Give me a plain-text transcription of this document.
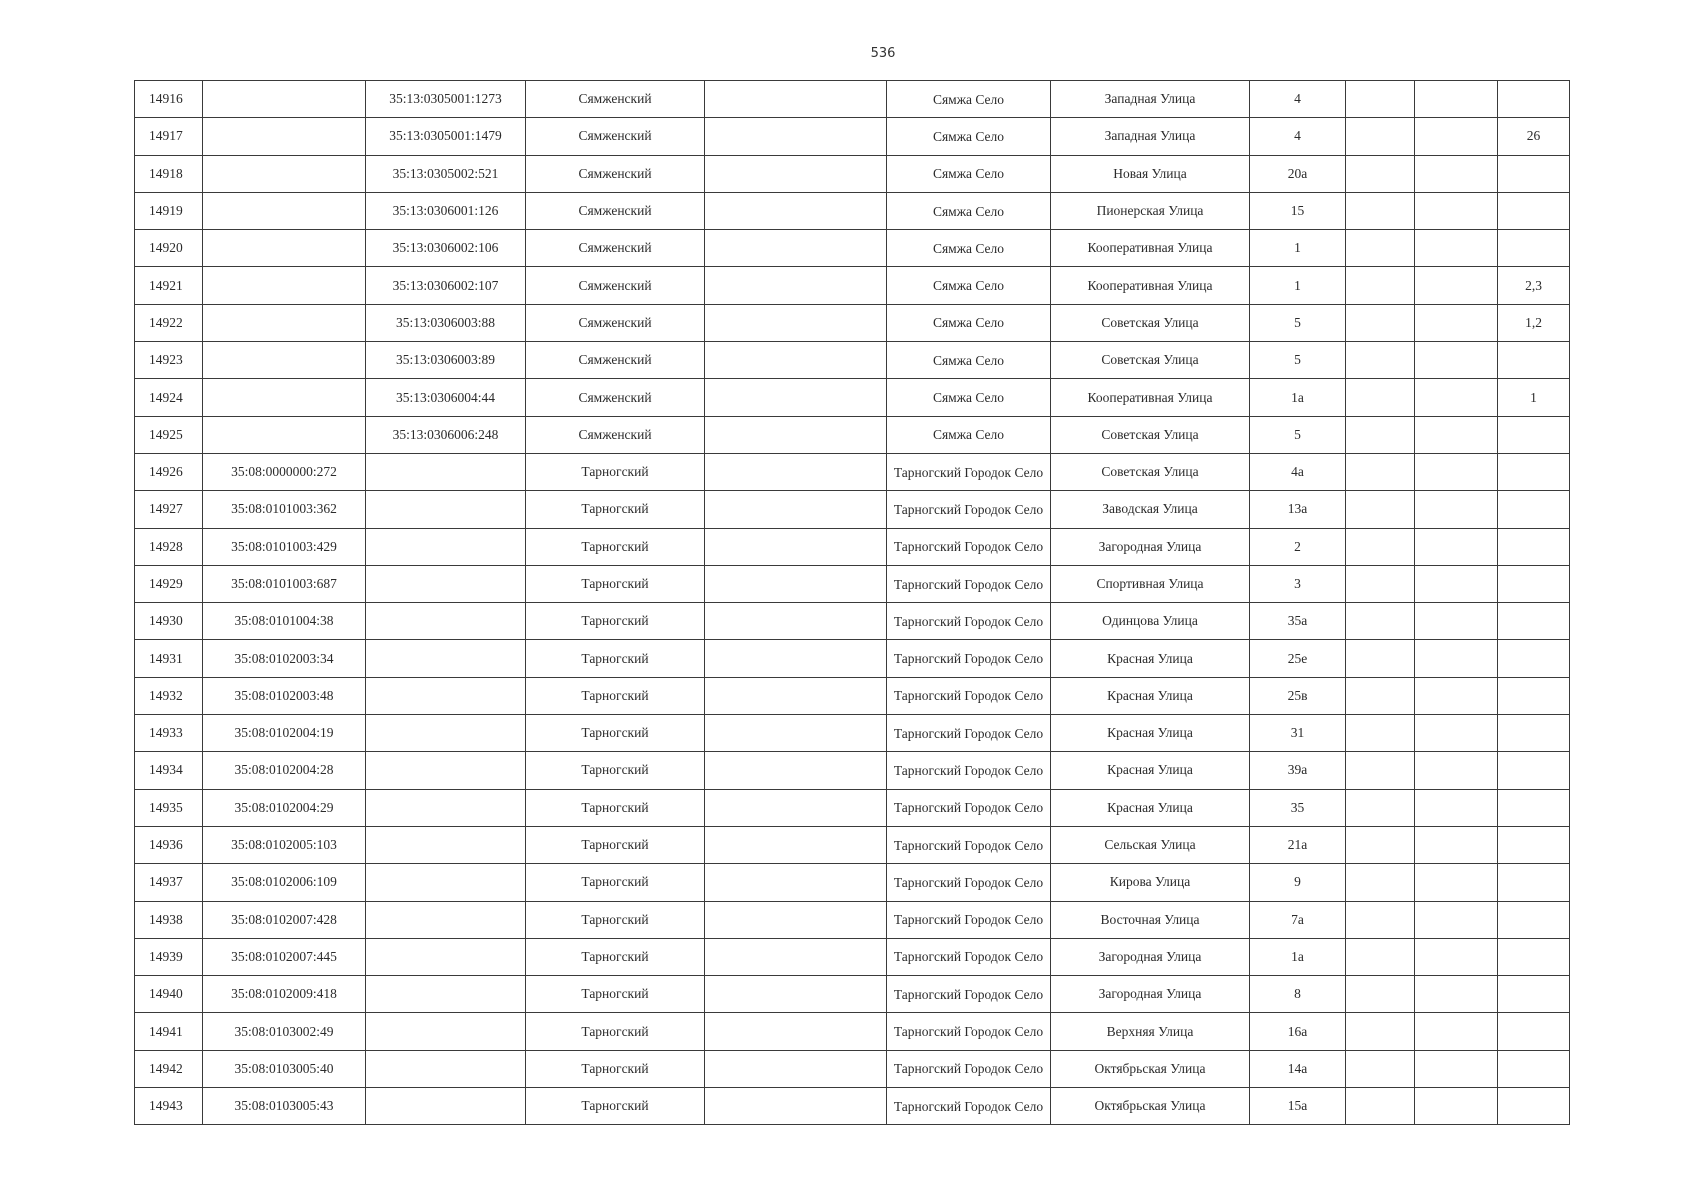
536
14916		35:13:0305001:1273	Сямженский		Сямжа Село	Западная Улица	4			
14917		35:13:0305001:1479	Сямженский		Сямжа Село	Западная Улица	4			26
14918		35:13:0305002:521	Сямженский		Сямжа Село	Новая Улица	20а			
14919		35:13:0306001:126	Сямженский		Сямжа Село	Пионерская Улица	15			
14920		35:13:0306002:106	Сямженский		Сямжа Село	Кооперативная Улица	1			
14921		35:13:0306002:107	Сямженский		Сямжа Село	Кооперативная Улица	1			2,3
14922		35:13:0306003:88	Сямженский		Сямжа Село	Советская Улица	5			1,2
14923		35:13:0306003:89	Сямженский		Сямжа Село	Советская Улица	5			
14924		35:13:0306004:44	Сямженский		Сямжа Село	Кооперативная Улица	1а			1
14925		35:13:0306006:248	Сямженский		Сямжа Село	Советская Улица	5			
14926	35:08:0000000:272		Тарногский		Тарногский Городок Село	Советская Улица	4а			
14927	35:08:0101003:362		Тарногский		Тарногский Городок Село	Заводская Улица	13а			
14928	35:08:0101003:429		Тарногский		Тарногский Городок Село	Загородная Улица	2			
14929	35:08:0101003:687		Тарногский		Тарногский Городок Село	Спортивная Улица	3			
14930	35:08:0101004:38		Тарногский		Тарногский Городок Село	Одинцова Улица	35а			
14931	35:08:0102003:34		Тарногский		Тарногский Городок Село	Красная Улица	25е			
14932	35:08:0102003:48		Тарногский		Тарногский Городок Село	Красная Улица	25в			
14933	35:08:0102004:19		Тарногский		Тарногский Городок Село	Красная Улица	31			
14934	35:08:0102004:28		Тарногский		Тарногский Городок Село	Красная Улица	39а			
14935	35:08:0102004:29		Тарногский		Тарногский Городок Село	Красная Улица	35			
14936	35:08:0102005:103		Тарногский		Тарногский Городок Село	Сельская Улица	21а			
14937	35:08:0102006:109		Тарногский		Тарногский Городок Село	Кирова Улица	9			
14938	35:08:0102007:428		Тарногский		Тарногский Городок Село	Восточная Улица	7а			
14939	35:08:0102007:445		Тарногский		Тарногский Городок Село	Загородная Улица	1а			
14940	35:08:0102009:418		Тарногский		Тарногский Городок Село	Загородная Улица	8			
14941	35:08:0103002:49		Тарногский		Тарногский Городок Село	Верхняя Улица	16а			
14942	35:08:0103005:40		Тарногский		Тарногский Городок Село	Октябрьская Улица	14а			
14943	35:08:0103005:43		Тарногский		Тарногский Городок Село	Октябрьская Улица	15а			
